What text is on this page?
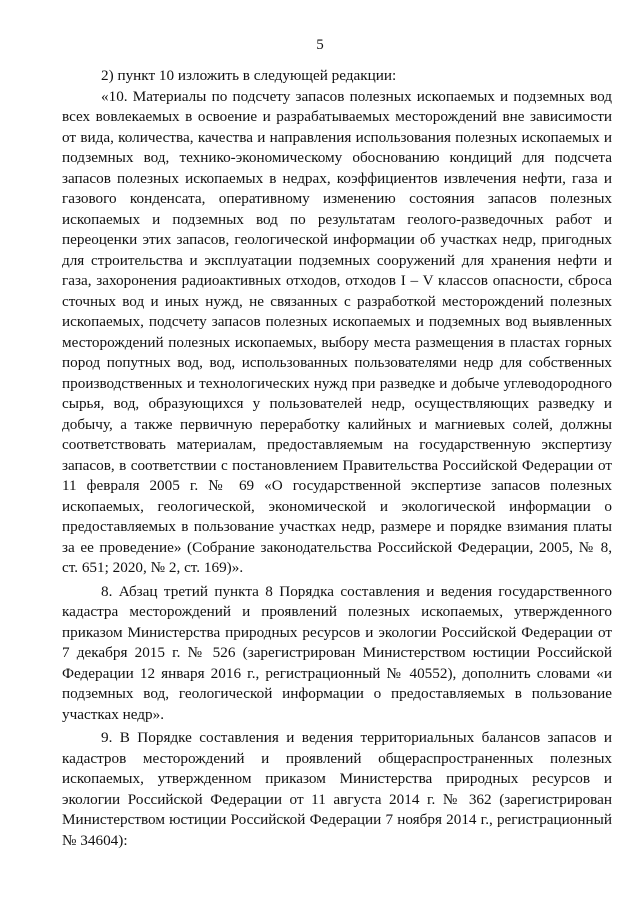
5

2) пункт 10 изложить в следующей редакции:

«10. Материалы по подсчету запасов полезных ископаемых и подземных вод всех вовлекаемых в освоение и разрабатываемых месторождений вне зависимости от вида, количества, качества и направления использования полезных ископаемых и подземных вод, технико-экономическому обоснованию кондиций для подсчета запасов полезных ископаемых в недрах, коэффициентов извлечения нефти, газа и газового конденсата, оперативному изменению состояния запасов полезных ископаемых и подземных вод по результатам геолого-разведочных работ и переоценки этих запасов, геологической информации об участках недр, пригодных для строительства и эксплуатации подземных сооружений для хранения нефти и газа, захоронения радиоактивных отходов, отходов I – V классов опасности, сброса сточных вод и иных нужд, не связанных с разработкой месторождений полезных ископаемых, подсчету запасов полезных ископаемых и подземных вод выявленных месторождений полезных ископаемых, выбору места размещения в пластах горных пород попутных вод, вод, использованных пользователями недр для собственных производственных и технологических нужд при разведке и добыче углеводородного сырья, вод, образующихся у пользователей недр, осуществляющих разведку и добычу, а также первичную переработку калийных и магниевых солей, должны соответствовать материалам, предоставляемым на государственную экспертизу запасов, в соответствии с постановлением Правительства Российской Федерации от 11 февраля 2005 г. № 69 «О государственной экспертизе запасов полезных ископаемых, геологической, экономической и экологической информации о предоставляемых в пользование участках недр, размере и порядке взимания платы за ее проведение» (Собрание законодательства Российской Федерации, 2005, № 8, ст. 651; 2020, № 2, ст. 169)».

8. Абзац третий пункта 8 Порядка составления и ведения государственного кадастра месторождений и проявлений полезных ископаемых, утвержденного приказом Министерства природных ресурсов и экологии Российской Федерации от 7 декабря 2015 г. № 526 (зарегистрирован Министерством юстиции Российской Федерации 12 января 2016 г., регистрационный № 40552), дополнить словами «и подземных вод, геологической информации о предоставляемых в пользование участках недр».

9. В Порядке составления и ведения территориальных балансов запасов и кадастров месторождений и проявлений общераспространенных полезных ископаемых, утвержденном приказом Министерства природных ресурсов и экологии Российской Федерации от 11 августа 2014 г. № 362 (зарегистрирован Министерством юстиции Российской Федерации 7 ноября 2014 г., регистрационный № 34604):
